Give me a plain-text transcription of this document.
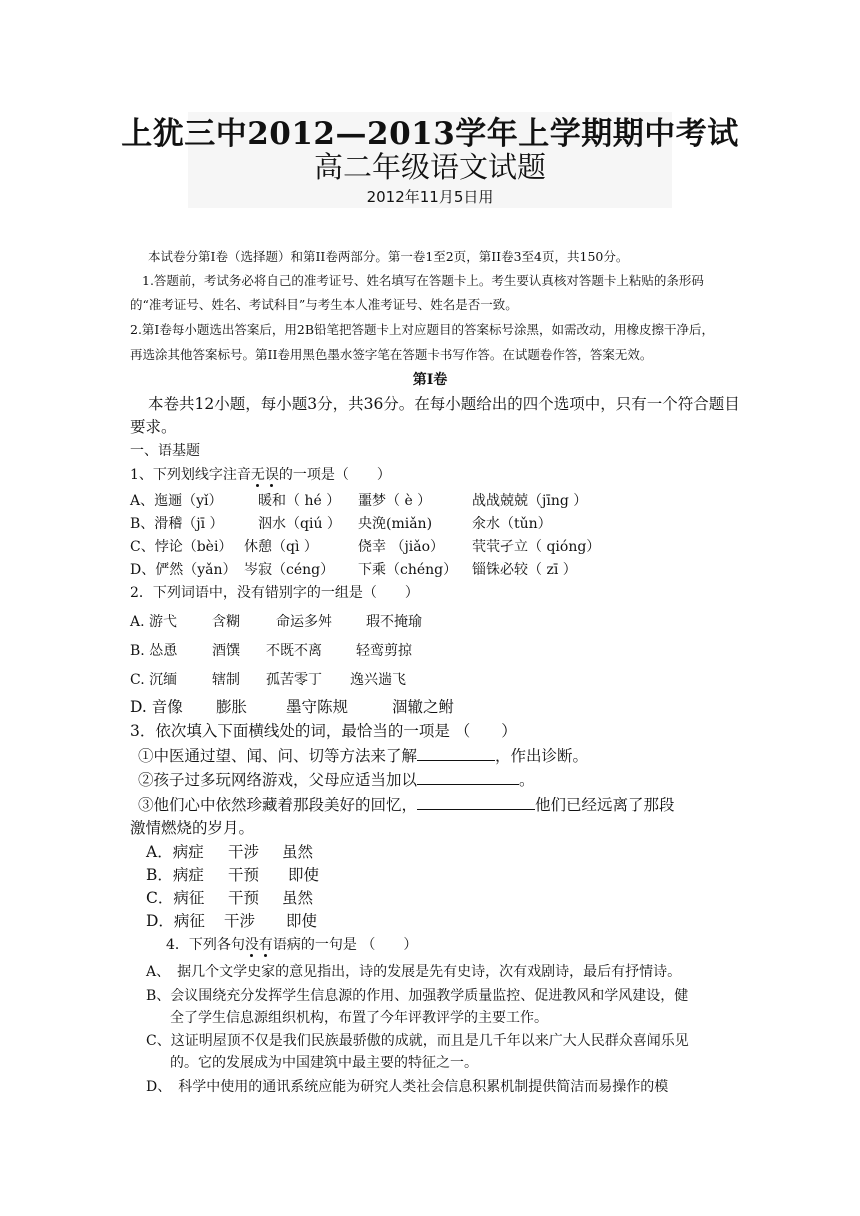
上犹三中2012—2013学年上学期期中考试
高二年级语文试题
2012年11月5日用
本试卷分第I卷（选择题）和第II卷两部分。第一卷1至2页，第II卷3至4页，共150分。
1.答题前，考试务必将自己的准考证号、姓名填写在答题卡上。考生要认真核对答题卡上粘贴的条形码
的“准考证号、姓名、考试科目”与考生本人准考证号、姓名是否一致。
2.第I卷每小题选出答案后，用2B铅笔把答题卡上对应题目的答案标号涂黑，如需改动，用橡皮擦干净后，
再选涂其他答案标号。第II卷用黑色墨水签字笔在答题卡书写作答。在试题卷作答，答案无效。
第Ⅰ卷
本卷共12小题，每小题3分，共36分。在每小题给出的四个选项中，只有一个符合题目
要求。
一、语基题
1、下列划线字注音无误的一项是（　　）
A、迤逦（yǐ）	暖和（ hé ） 噩梦（ è ）	战战兢兢（jīng ）
B、滑稽（jī ） 泅水（qiú ） 央浼(miǎn)	氽水（tǔn）
C、悖论（bèi） 休憩（qì ）	侥幸 （jiǎo） 茕茕孑立（ qióng）
D、俨然（yǎn） 岑寂（céng） 下乘（chéng） 锱铢必较（ zī ）
2．下列词语中，没有错别字的一组是（　　）
A. 游弋 含糊	命运多舛 瑕不掩瑜
B. 怂恿 酒馔 不既不离 轻鸾剪掠
C. 沉缅 辖制 孤苦零丁 逸兴遄飞
D. 音像 膨胀	墨守陈规	涸辙之鲋
3．依次填入下面横线处的词，最恰当的一项是 （　　）
①中医通过望、闻、问、切等方法来了解	，作出诊断。
②孩子过多玩网络游戏，父母应适当加以	。
③他们心中依然珍藏着那段美好的回忆，	他们已经远离了那段
激情燃烧的岁月。
A．病症 干涉 虽然
B．病症 干预 即使
C．病征 干预 虽然
D．病征 干涉 即使
4．下列各句没有语病的一句是 （　　）
A、　据几个文学史家的意见指出，诗的发展是先有史诗，次有戏剧诗，最后有抒情诗。
B、会议围绕充分发挥学生信息源的作用、加强教学质量监控、促进教风和学风建设，健
全了学生信息源组织机构，布置了今年评教评学的主要工作。
C、这证明屋顶不仅是我们民族最骄傲的成就，而且是几千年以来广大人民群众喜闻乐见
的。它的发展成为中国建筑中最主要的特征之一。
D、　科学中使用的通讯系统应能为研究人类社会信息积累机制提供简洁而易操作的模
